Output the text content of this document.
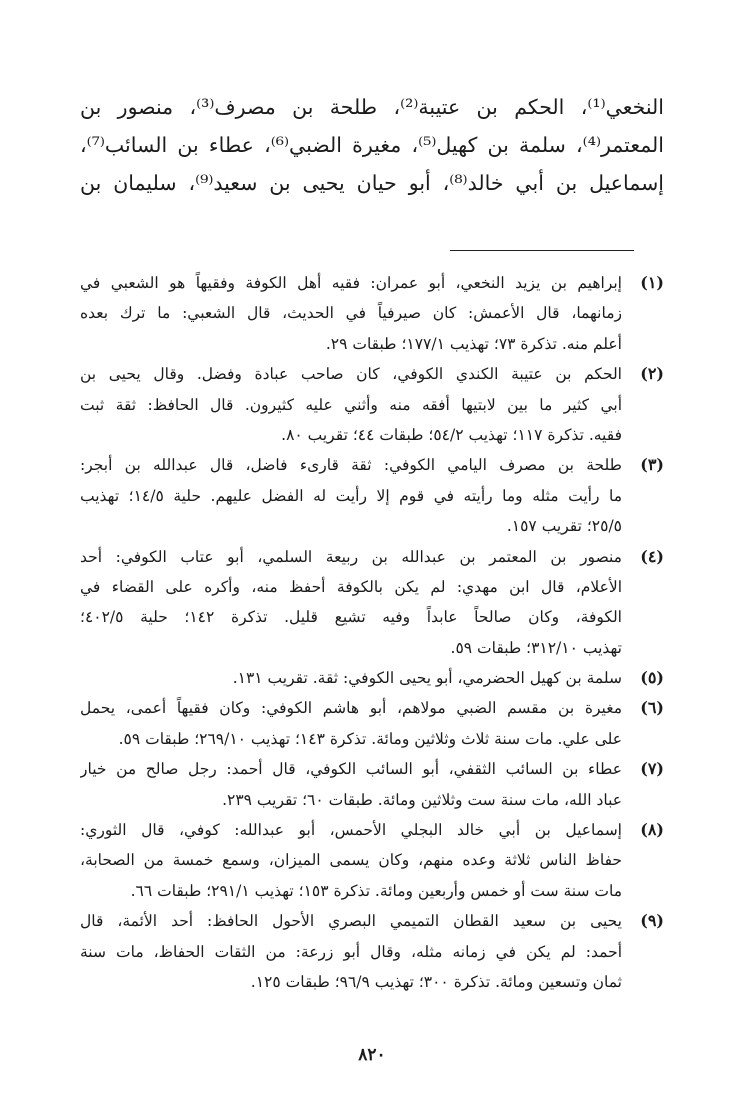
النخعي⁽¹⁾، الحكم بن عتيبة⁽²⁾، طلحة بن مصرف⁽³⁾، منصور بن
المعتمر⁽⁴⁾، سلمة بن كهيل⁽⁵⁾، مغيرة الضبي⁽⁶⁾، عطاء بن السائب⁽⁷⁾،
إسماعيل بن أبي خالد⁽⁸⁾، أبو حيان يحيى بن سعيد⁽⁹⁾، سليمان بن
(١)
إبراهيم بن يزيد النخعي، أبو عمران: فقيه أهل الكوفة وفقيهاً هو الشعبي في
زمانهما، قال الأعمش: كان صيرفياً في الحديث، قال الشعبي: ما ترك بعده
أعلم منه. تذكرة ٧٣؛ تهذيب ١٧٧/١؛ طبقات ٢٩.
(٢)
الحكم بن عتيبة الكندي الكوفي، كان صاحب عبادة وفضل. وقال يحيى بن
أبي كثير ما بين لابتيها أفقه منه وأثني عليه كثيرون. قال الحافظ: ثقة ثبت
فقيه. تذكرة ١١٧؛ تهذيب ٥٤/٢؛ طبقات ٤٤؛ تقريب ٨٠.
(٣)
طلحة بن مصرف اليامي الكوفي: ثقة قارىء فاضل، قال عبدالله بن أبجر:
ما رأيت مثله وما رأيته في قوم إلا رأيت له الفضل عليهم. حلية ١٤/٥؛ تهذيب
٢٥/٥؛ تقريب ١٥٧.
(٤)
منصور بن المعتمر بن عبدالله بن ربيعة السلمي، أبو عتاب الكوفي: أحد
الأعلام، قال ابن مهدي: لم يكن بالكوفة أحفظ منه، وأكره على القضاء في
الكوفة، وكان صالحاً عابداً وفيه تشيع قليل. تذكرة ١٤٢؛ حلية ٤٠٢/٥؛
تهذيب ٣١٢/١٠؛ طبقات ٥٩.
(٥)
سلمة بن كهيل الحضرمي، أبو يحيى الكوفي: ثقة. تقريب ١٣١.
(٦)
مغيرة بن مقسم الضبي مولاهم، أبو هاشم الكوفي: وكان فقيهاً أعمى، يحمل
على علي. مات سنة ثلاث وثلاثين ومائة. تذكرة ١٤٣؛ تهذيب ٢٦٩/١٠؛ طبقات ٥٩.
(٧)
عطاء بن السائب الثقفي، أبو السائب الكوفي، قال أحمد: رجل صالح من خيار
عباد الله، مات سنة ست وثلاثين ومائة. طبقات ٦٠؛ تقريب ٢٣٩.
(٨)
إسماعيل بن أبي خالد البجلي الأحمس، أبو عبدالله: كوفي، قال الثوري:
حفاظ الناس ثلاثة وعده منهم، وكان يسمى الميزان، وسمع خمسة من الصحابة،
مات سنة ست أو خمس وأربعين ومائة. تذكرة ١٥٣؛ تهذيب ٢٩١/١؛ طبقات ٦٦.
(٩)
يحيى بن سعيد القطان التميمي البصري الأحول الحافظ: أحد الأئمة، قال
أحمد: لم يكن في زمانه مثله، وقال أبو زرعة: من الثقات الحفاظ، مات سنة
ثمان وتسعين ومائة. تذكرة ٣٠٠؛ تهذيب ٩٦/٩؛ طبقات ١٢٥.
٨٢٠
